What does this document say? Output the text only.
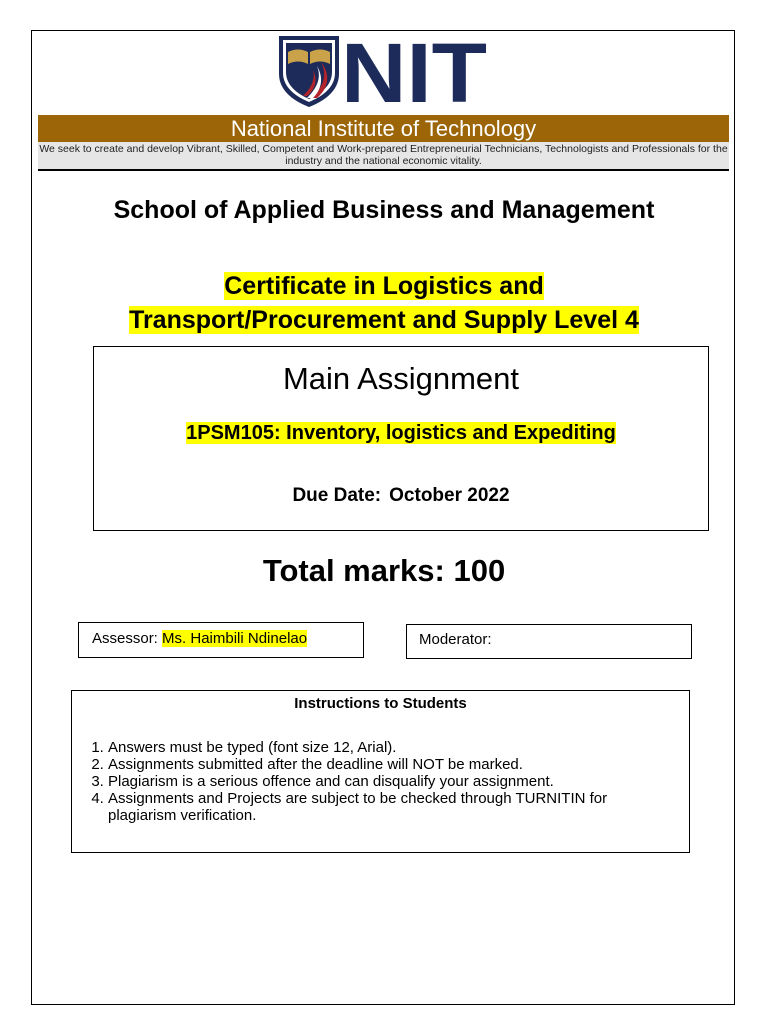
NIT
National Institute of Technology
We seek to create and develop Vibrant, Skilled, Competent and Work-prepared Entrepreneurial Technicians, Technologists and Professionals for the industry and the national economic vitality.
School of Applied Business and Management
Certificate in Logistics and
Transport/Procurement and Supply Level 4
Main Assignment
1PSM105: Inventory, logistics and Expediting
Due Date: October 2022
Total marks: 100
Assessor: Ms. Haimbili Ndinelao	Moderator:
Instructions to Students
1. Answers must be typed (font size 12, Arial).
2. Assignments submitted after the deadline will NOT be marked.
3. Plagiarism is a serious offence and can disqualify your assignment.
4. Assignments and Projects are subject to be checked through TURNITIN for plagiarism verification.
